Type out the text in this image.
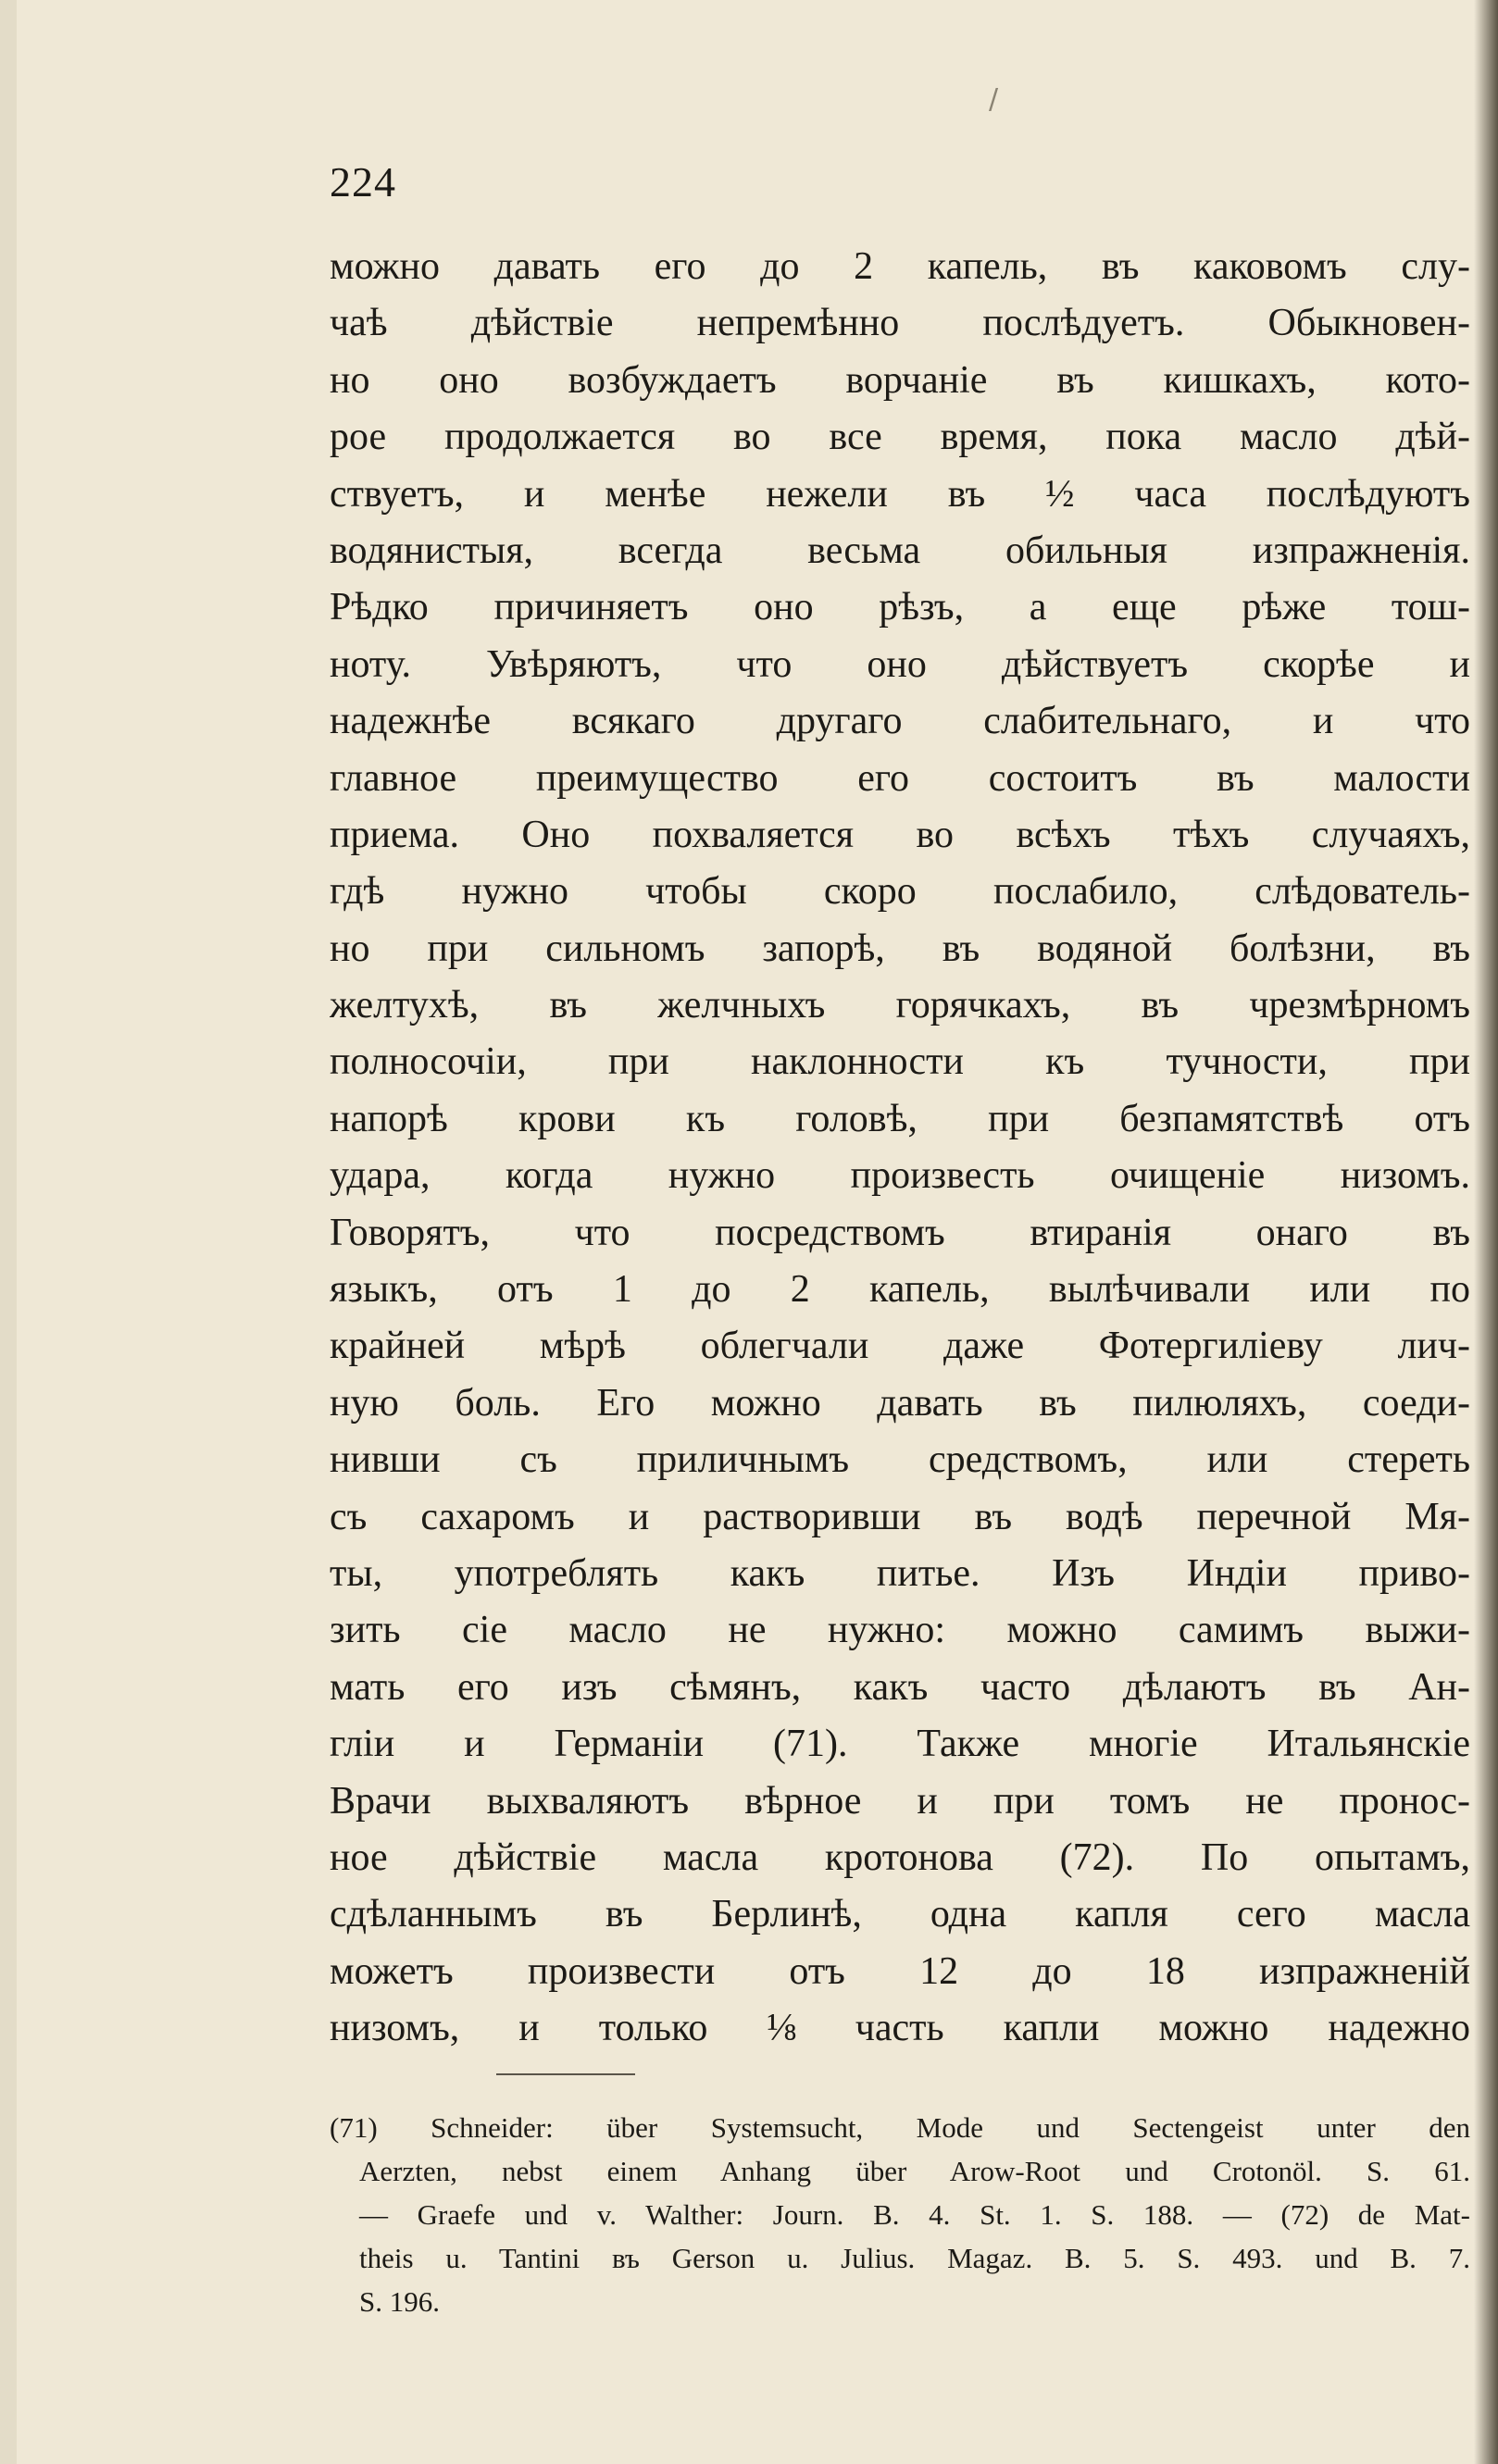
/
224
можно давать его до 2 капель, въ каковомъ слу-
чаѣ дѣйствіе непремѣнно послѣдуетъ. Обыкновен-
но оно возбуждаетъ ворчаніе въ кишкахъ, кото-
рое продолжается во все время, пока масло дѣй-
ствуетъ, и менѣе нежели въ ½ часа послѣдуютъ
водянистыя, всегда весьма обильныя изпражненія.
Рѣдко причиняетъ оно рѣзъ, а еще рѣже тош-
ноту. Увѣряютъ, что оно дѣйствуетъ скорѣе и
надежнѣе всякаго другаго слабительнаго, и что
главное преимущество его состоитъ въ малости
приема. Оно похваляется во всѣхъ тѣхъ случаяхъ,
гдѣ нужно чтобы скоро послабило, слѣдователь-
но при сильномъ запорѣ, въ водяной болѣзни, въ
желтухѣ, въ желчныхъ горячкахъ, въ чрезмѣрномъ
полносочіи, при наклонности къ тучности, при
напорѣ крови къ головѣ, при безпамятствѣ отъ
удара, когда нужно произвесть очищеніе низомъ.
Говорятъ, что посредствомъ втиранія онаго въ
языкъ, отъ 1 до 2 капель, вылѣчивали или по
крайней мѣрѣ облегчали даже Фотергиліеву лич-
ную боль. Его можно давать въ пилюляхъ, соеди-
нивши съ приличнымъ средствомъ, или стереть
съ сахаромъ и растворивши въ водѣ перечной Мя-
ты, употреблять какъ питье. Изъ Индіи приво-
зить сіе масло не нужно: можно самимъ выжи-
мать его изъ сѣмянъ, какъ часто дѣлаютъ въ Ан-
гліи и Германіи (71). Также многіе Итальянскіе
Врачи выхваляютъ вѣрное и при томъ не пронос-
ное дѣйствіе масла кротонова (72). По опытамъ,
сдѣланнымъ въ Берлинѣ, одна капля сего масла
можетъ произвести отъ 12 до 18 изпражненій
низомъ, и только ⅛ часть капли можно надежно
(71) Schneider: über Systemsucht, Mode und Sectengeist unter den
Aerzten, nebst einem Anhang über Arow-Root und Crotonöl. S. 61.
— Graefe und v. Walther: Journ. B. 4. St. 1. S. 188. — (72) de Mat-
theis u. Tantini въ Gerson u. Julius. Magaz. B. 5. S. 493. und B. 7.
S. 196.
